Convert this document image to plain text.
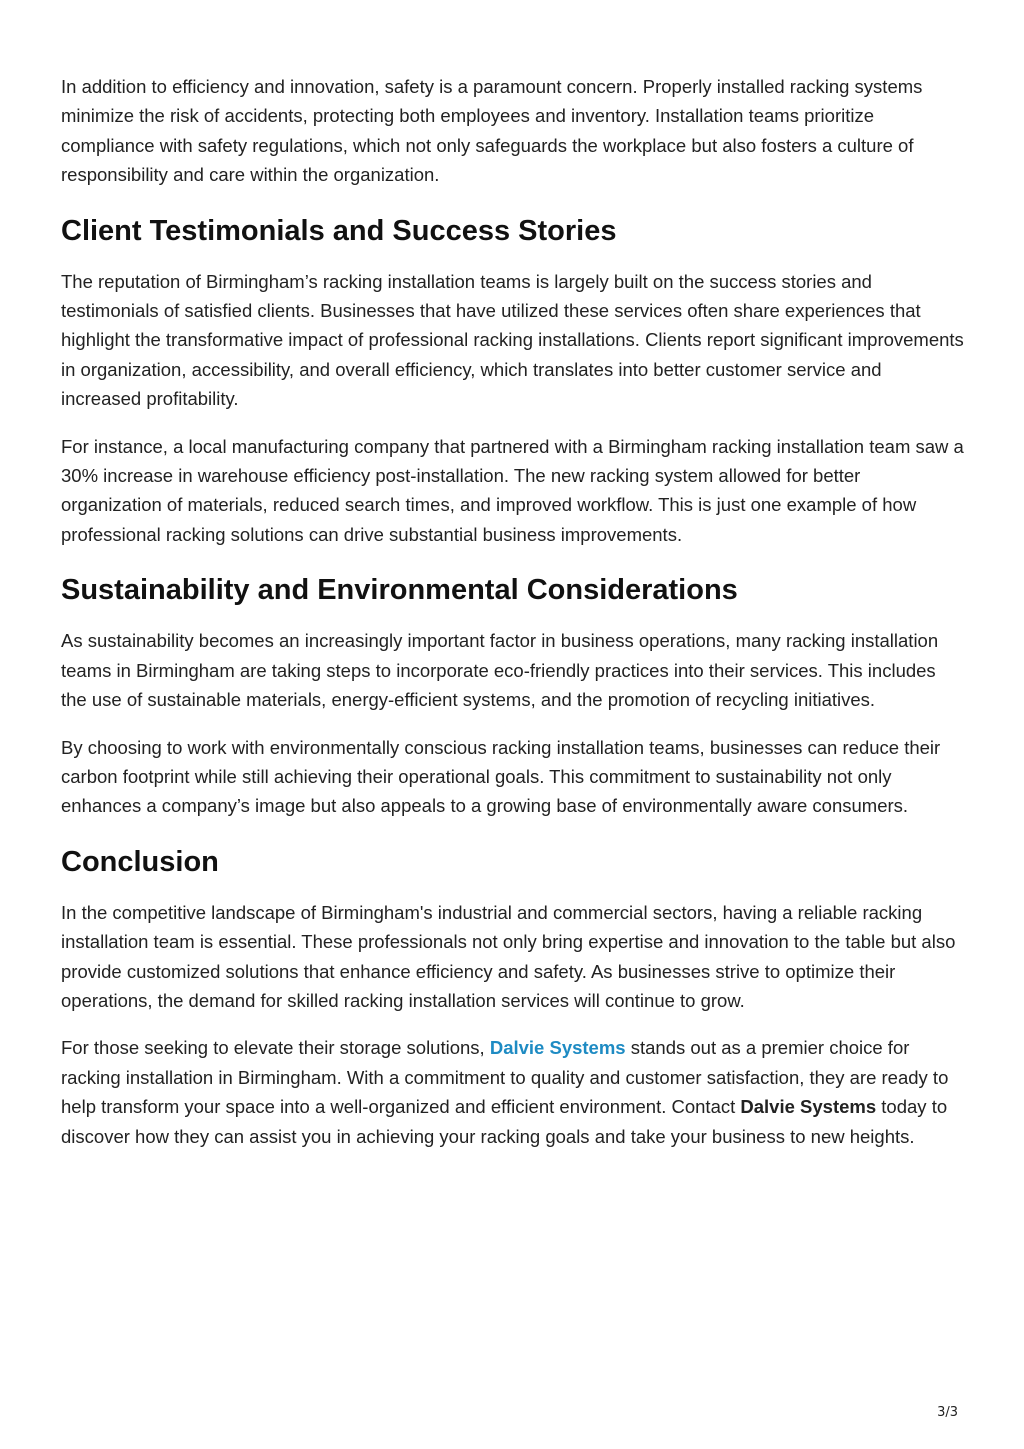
In addition to efficiency and innovation, safety is a paramount concern. Properly installed racking systems minimize the risk of accidents, protecting both employees and inventory. Installation teams prioritize compliance with safety regulations, which not only safeguards the workplace but also fosters a culture of responsibility and care within the organization.

Client Testimonials and Success Stories

The reputation of Birmingham’s racking installation teams is largely built on the success stories and testimonials of satisfied clients. Businesses that have utilized these services often share experiences that highlight the transformative impact of professional racking installations. Clients report significant improvements in organization, accessibility, and overall efficiency, which translates into better customer service and increased profitability.

For instance, a local manufacturing company that partnered with a Birmingham racking installation team saw a 30% increase in warehouse efficiency post-installation. The new racking system allowed for better organization of materials, reduced search times, and improved workflow. This is just one example of how professional racking solutions can drive substantial business improvements.

Sustainability and Environmental Considerations

As sustainability becomes an increasingly important factor in business operations, many racking installation teams in Birmingham are taking steps to incorporate eco-friendly practices into their services. This includes the use of sustainable materials, energy-efficient systems, and the promotion of recycling initiatives.

By choosing to work with environmentally conscious racking installation teams, businesses can reduce their carbon footprint while still achieving their operational goals. This commitment to sustainability not only enhances a company’s image but also appeals to a growing base of environmentally aware consumers.

Conclusion

In the competitive landscape of Birmingham's industrial and commercial sectors, having a reliable racking installation team is essential. These professionals not only bring expertise and innovation to the table but also provide customized solutions that enhance efficiency and safety. As businesses strive to optimize their operations, the demand for skilled racking installation services will continue to grow.

For those seeking to elevate their storage solutions, Dalvie Systems stands out as a premier choice for racking installation in Birmingham. With a commitment to quality and customer satisfaction, they are ready to help transform your space into a well-organized and efficient environment. Contact Dalvie Systems today to discover how they can assist you in achieving your racking goals and take your business to new heights.

3/3
